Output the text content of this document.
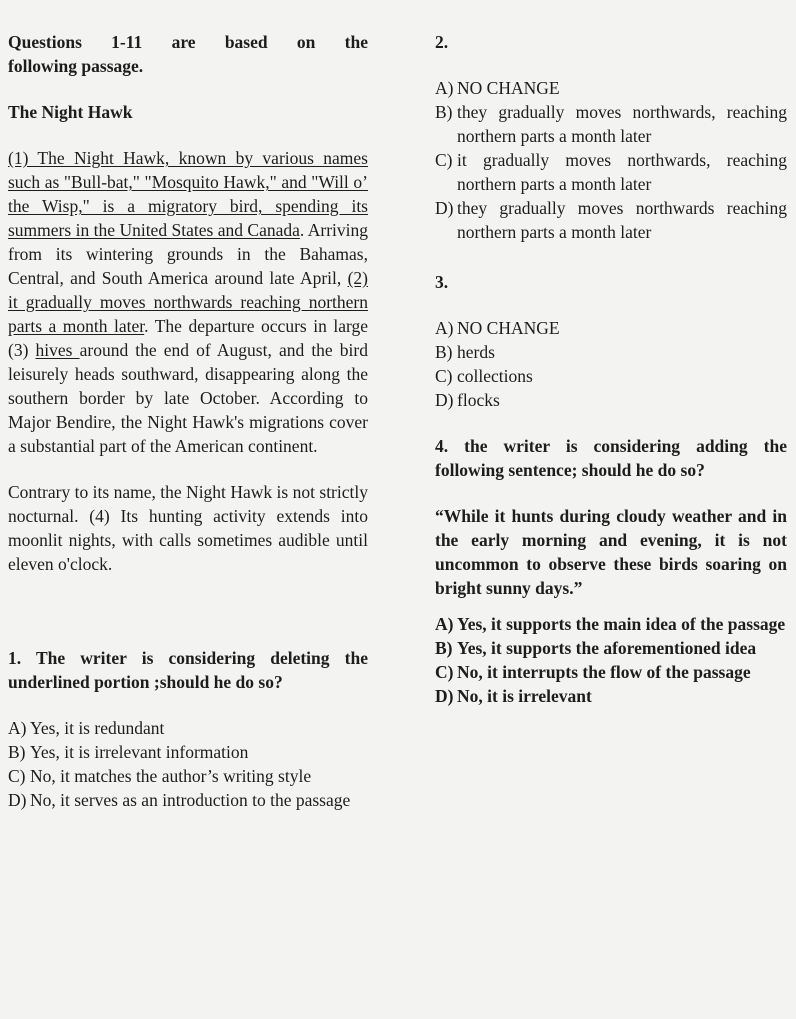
Questions 1-11 are based on the

following passage.

The Night Hawk

(1) The Night Hawk, known by various names such as "Bull-bat," "Mosquito Hawk," and "Will o’ the Wisp," is a migratory bird, spending its summers in the United States and Canada. Arriving from its wintering grounds in the Bahamas, Central, and South America around late April, (2) it gradually moves northwards reaching northern parts a month later. The departure occurs in large (3) hives around the end of August, and the bird leisurely heads southward, disappearing along the southern border by late October. According to Major Bendire, the Night Hawk's migrations cover a substantial part of the American continent.

Contrary to its name, the Night Hawk is not strictly nocturnal. (4) Its hunting activity extends into moonlit nights, with calls sometimes audible until eleven o'clock.

1. The writer is considering deleting the underlined portion ;should he do so?

A) Yes, it is redundant
B) Yes, it is irrelevant information
C) No, it matches the author’s writing style
D) No, it serves as an introduction to the passage

2.

A) NO CHANGE
B) they gradually moves northwards, reaching northern parts a month later
C) it gradually moves northwards, reaching northern parts a month later
D) they gradually moves northwards reaching northern parts a month later

3.

A) NO CHANGE
B) herds
C) collections
D) flocks

4. the writer is considering adding the following sentence; should he do so?

“While it hunts during cloudy weather and in the early morning and evening, it is not uncommon to observe these birds soaring on bright sunny days.”

A) Yes, it supports the main idea of the passage
B) Yes, it supports the aforementioned idea
C) No, it interrupts the flow of the passage
D) No, it is irrelevant
